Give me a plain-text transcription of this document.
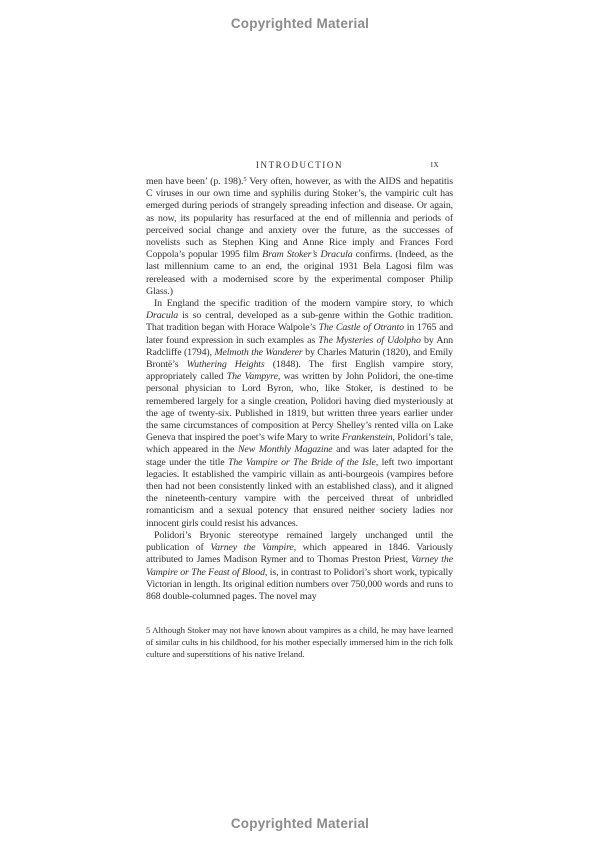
Copyrighted Material
INTRODUCTION	ix

men have been’ (p. 198).$^5$ Very often, however, as with the AIDS and hepatitis C viruses in our own time and syphilis during Stoker’s, the vampiric cult has emerged during periods of strangely spreading infection and disease. Or again, as now, its popularity has resurfaced at the end of millennia and periods of perceived social change and anxiety over the future, as the successes of novelists such as Stephen King and Anne Rice imply and Frances Ford Coppola’s popular 1995 film Bram Stoker’s Dracula confirms. (Indeed, as the last millennium came to an end, the original 1931 Bela Lagosi film was rereleased with a modernised score by the experimental composer Philip Glass.)

In England the specific tradition of the modern vampire story, to which Dracula is so central, developed as a sub-genre within the Gothic tradition. That tradition began with Horace Walpole’s The Castle of Otranto in 1765 and later found expression in such examples as The Mysteries of Udolpho by Ann Radcliffe (1794), Melmoth the Wanderer by Charles Maturin (1820), and Emily Brontë’s Wuthering Heights (1848). The first English vampire story, appropriately called The Vampyre, was written by John Polidori, the one-time personal physician to Lord Byron, who, like Stoker, is destined to be remembered largely for a single creation, Polidori having died mysteriously at the age of twenty-six. Published in 1819, but written three years earlier under the same circumstances of composition at Percy Shelley’s rented villa on Lake Geneva that inspired the poet’s wife Mary to write Frankenstein, Polidori’s tale, which appeared in the New Monthly Magazine and was later adapted for the stage under the title The Vampire or The Bride of the Isle, left two important legacies. It established the vampiric villain as anti-bourgeois (vampires before then had not been consistently linked with an established class), and it aligned the nineteenth-century vampire with the perceived threat of unbridled romanticism and a sexual potency that ensured neither society ladies nor innocent girls could resist his advances.

Polidori’s Bryonic stereotype remained largely unchanged until the publication of Varney the Vampire, which appeared in 1846. Variously attributed to James Madison Rymer and to Thomas Preston Priest, Varney the Vampire or The Feast of Blood, is, in contrast to Polidori’s short work, typically Victorian in length. Its original edition numbers over 750,000 words and runs to 868 double-columned pages. The novel may

5 Although Stoker may not have known about vampires as a child, he may have learned of similar cults in his childhood, for his mother especially immersed him in the rich folk culture and superstitions of his native Ireland.
Copyrighted Material
